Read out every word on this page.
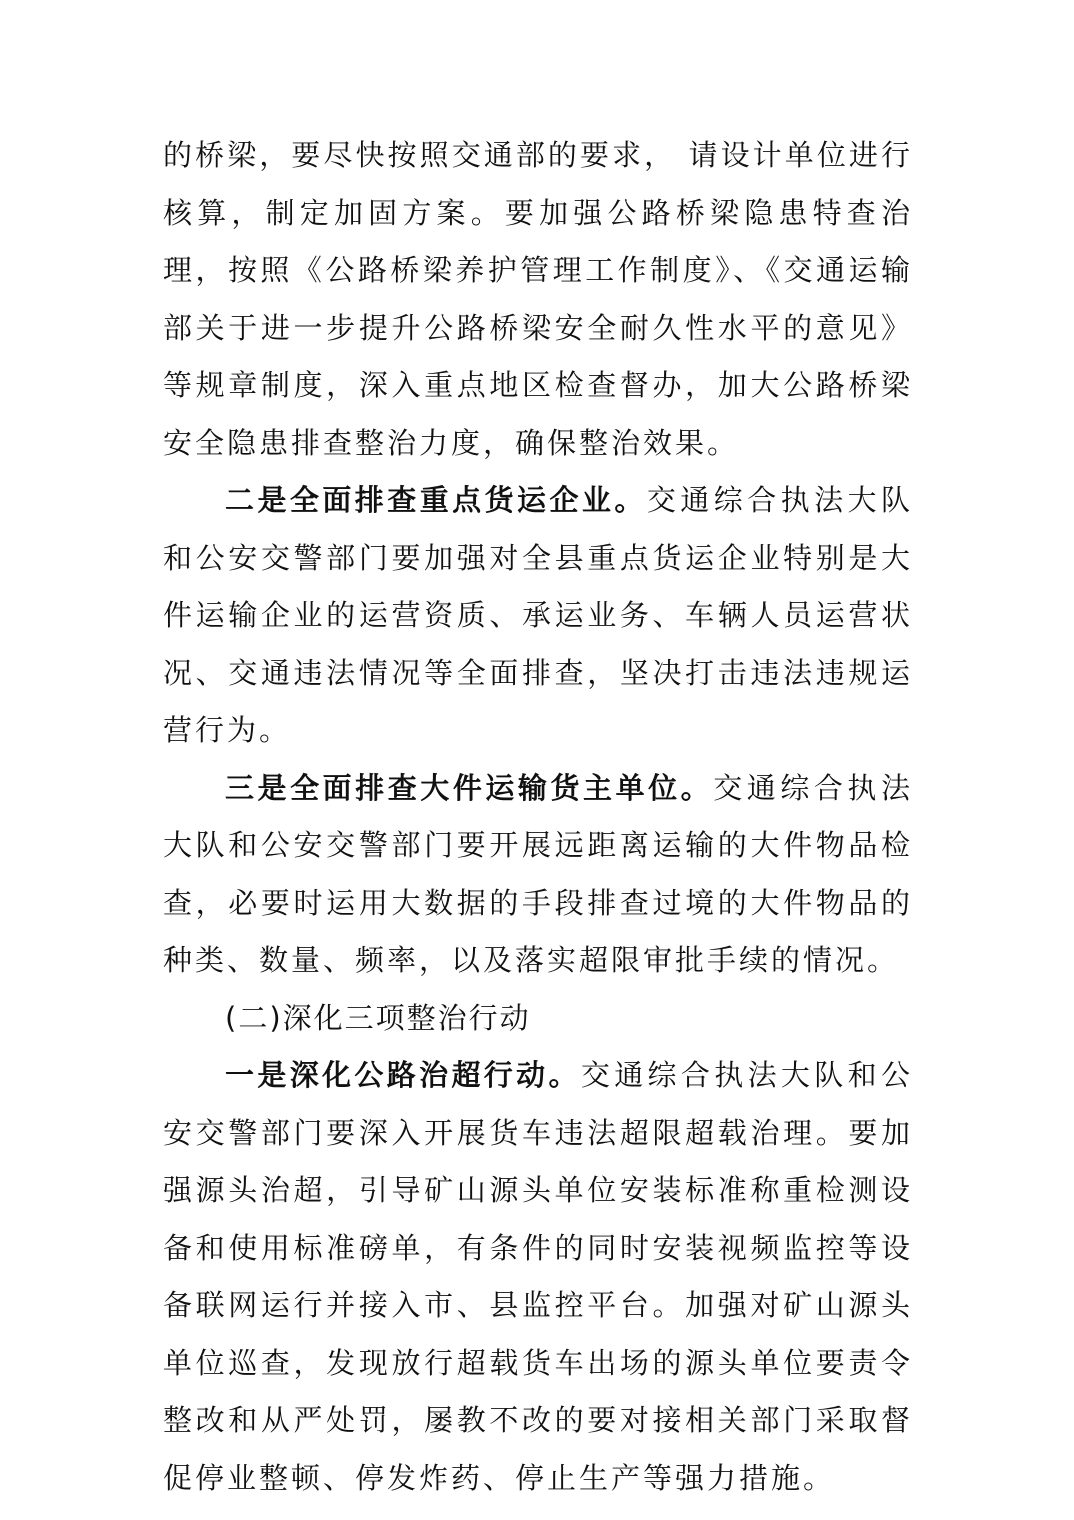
的桥梁，要尽快按照交通部的要求， 请设计单位进行核算，制定加固方案。要加强公路桥梁隐患特查治理，按照《公路桥梁养护管理工作制度》、《交通运输部关于进一步提升公路桥梁安全耐久性水平的意见》等规章制度，深入重点地区检查督办，加大公路桥梁安全隐患排查整治力度，确保整治效果。

二是全面排查重点货运企业。交通综合执法大队和公安交警部门要加强对全县重点货运企业特别是大件运输企业的运营资质、承运业务、车辆人员运营状况、交通违法情况等全面排查，坚决打击违法违规运营行为。

三是全面排查大件运输货主单位。交通综合执法大队和公安交警部门要开展远距离运输的大件物品检查，必要时运用大数据的手段排查过境的大件物品的种类、数量、频率，以及落实超限审批手续的情况。

(二)深化三项整治行动

一是深化公路治超行动。交通综合执法大队和公安交警部门要深入开展货车违法超限超载治理。要加强源头治超，引导矿山源头单位安装标准称重检测设备和使用标准磅单，有条件的同时安装视频监控等设备联网运行并接入市、县监控平台。加强对矿山源头单位巡查，发现放行超载货车出场的源头单位要责令整改和从严处罚，屡教不改的要对接相关部门采取督促停业整顿、停发炸药、停止生产等强力措施。
